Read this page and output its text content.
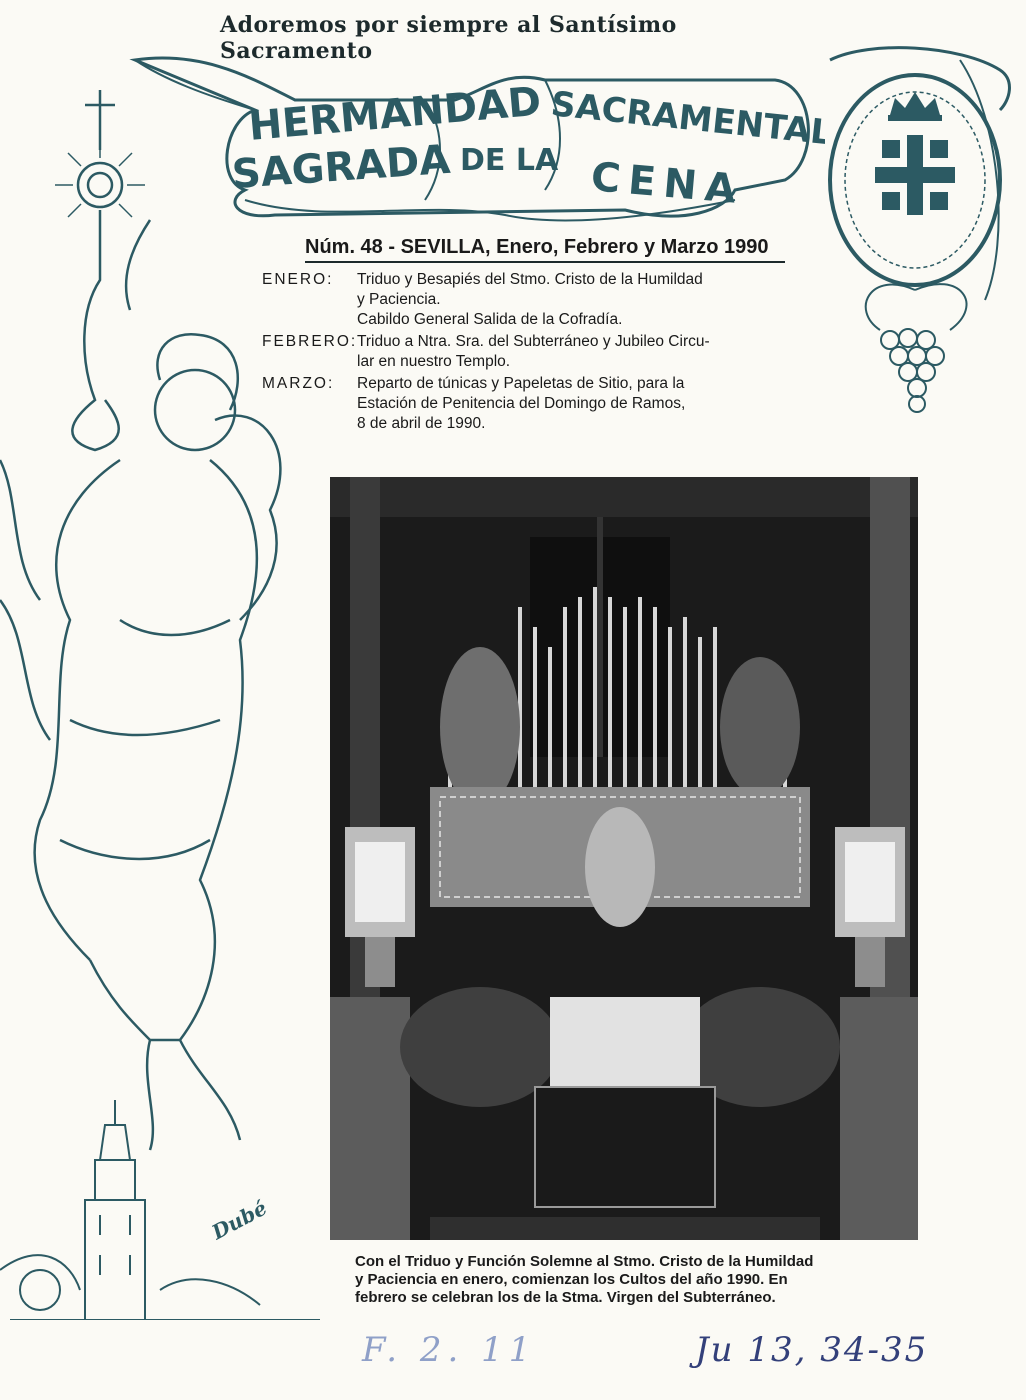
Adoremos por siempre al Santísimo Sacramento
HERMANDAD SACRAMENTAL
SAGRADA DE LA CENA
Núm. 48 - SEVILLA, Enero, Febrero y Marzo 1990
ENERO:	Triduo y Besapiés del Stmo. Cristo de la Humildad
y Paciencia.
Cabildo General Salida de la Cofradía.
FEBRERO: Triduo a Ntra. Sra. del Subterráneo y Jubileo Circu-
lar en nuestro Templo.
MARZO:	Reparto de túnicas y Papeletas de Sitio, para la
Estación de Penitencia del Domingo de Ramos,
8 de abril de 1990.
Dubé
Con el Triduo y Función Solemne al Stmo. Cristo de la Humildad
y Paciencia en enero, comienzan los Cultos del año 1990. En
febrero se celebran los de la Stma. Virgen del Subterráneo.
F. 2. 11	Ju 13, 34-35
